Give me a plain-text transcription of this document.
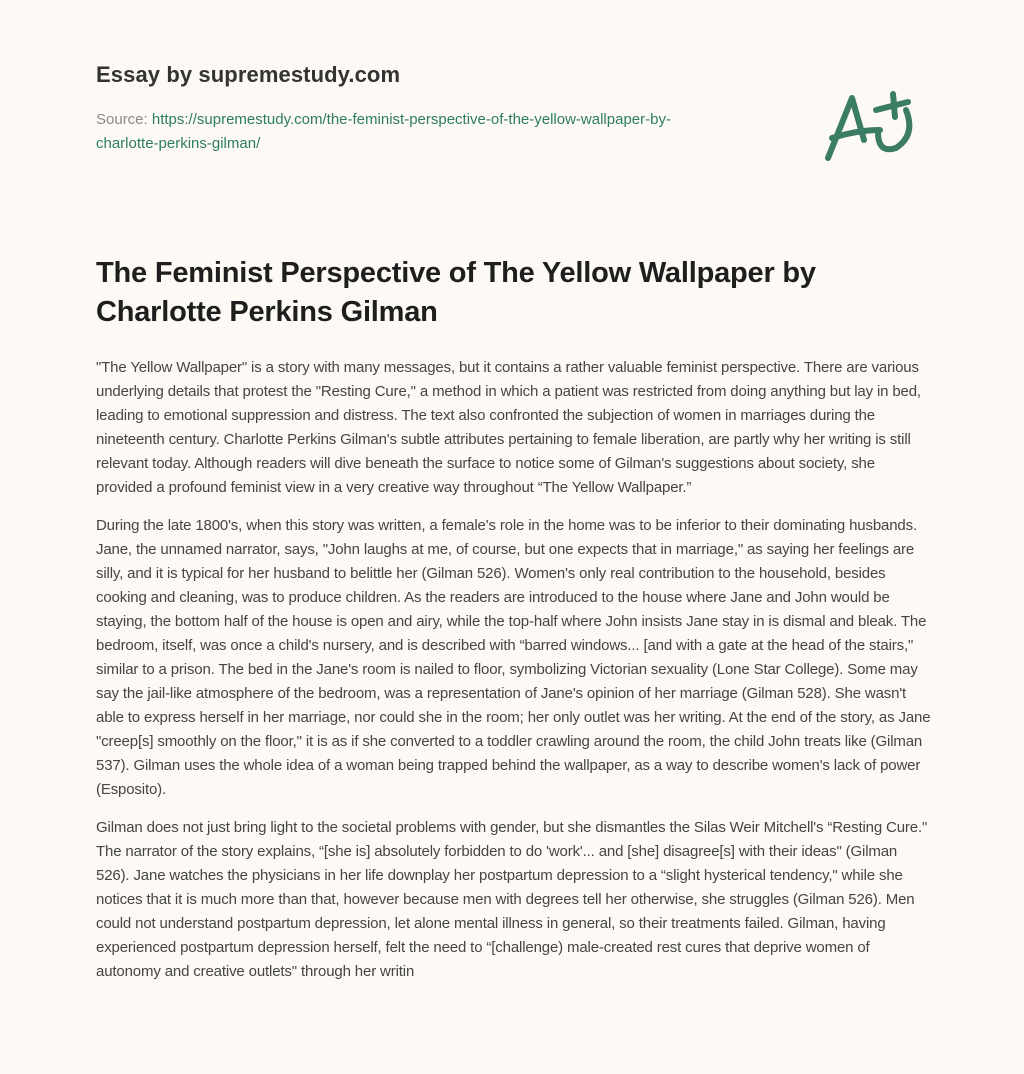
Essay by supremestudy.com
Source: https://supremestudy.com/the-feminist-perspective-of-the-yellow-wallpaper-by-
charlotte-perkins-gilman/
The Feminist Perspective of The Yellow Wallpaper by Charlotte Perkins Gilman

"The Yellow Wallpaper" is a story with many messages, but it contains a rather valuable feminist perspective. There are various underlying details that protest the "Resting Cure," a method in which a patient was restricted from doing anything but lay in bed, leading to emotional suppression and distress. The text also confronted the subjection of women in marriages during the nineteenth century. Charlotte Perkins Gilman's subtle attributes pertaining to female liberation, are partly why her writing is still relevant today. Although readers will dive beneath the surface to notice some of Gilman's suggestions about society, she provided a profound feminist view in a very creative way throughout “The Yellow Wallpaper.”

During the late 1800's, when this story was written, a female's role in the home was to be inferior to their dominating husbands. Jane, the unnamed narrator, says, "John laughs at me, of course, but one expects that in marriage," as saying her feelings are silly, and it is typical for her husband to belittle her (Gilman 526). Women's only real contribution to the household, besides cooking and cleaning, was to produce children. As the readers are introduced to the house where Jane and John would be staying, the bottom half of the house is open and airy, while the top-half where John insists Jane stay in is dismal and bleak. The bedroom, itself, was once a child's nursery, and is described with “barred windows... [and with a gate at the head of the stairs," similar to a prison. The bed in the Jane's room is nailed to floor, symbolizing Victorian sexuality (Lone Star College). Some may say the jail-like atmosphere of the bedroom, was a representation of Jane's opinion of her marriage (Gilman 528). She wasn't able to express herself in her marriage, nor could she in the room; her only outlet was her writing. At the end of the story, as Jane "creep[s] smoothly on the floor," it is as if she converted to a toddler crawling around the room, the child John treats like (Gilman 537). Gilman uses the whole idea of a woman being trapped behind the wallpaper, as a way to describe women's lack of power (Esposito).

Gilman does not just bring light to the societal problems with gender, but she dismantles the Silas Weir Mitchell's “Resting Cure." The narrator of the story explains, “[she is] absolutely forbidden to do 'work'... and [she] disagree[s] with their ideas" (Gilman 526). Jane watches the physicians in her life downplay her postpartum depression to a “slight hysterical tendency," while she notices that it is much more than that, however because men with degrees tell her otherwise, she struggles (Gilman 526). Men could not understand postpartum depression, let alone mental illness in general, so their treatments failed. Gilman, having experienced postpartum depression herself, felt the need to “[challenge) male-created rest cures that deprive women of autonomy and creative outlets" through her writin
